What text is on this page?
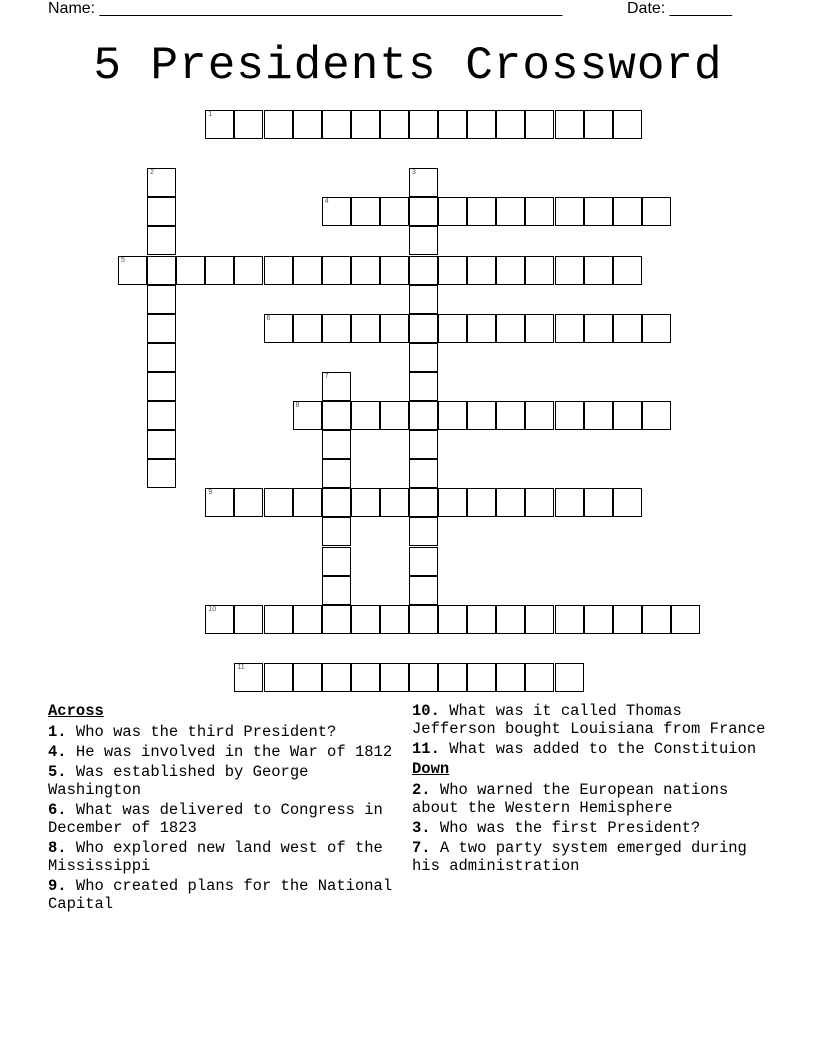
Name: ____________________________________________________	Date: _______
5 Presidents Crossword
1
2	3
4
5
6
7
8
9
10
11
Across
1. Who was the third President?
4. He was involved in the War of 1812
5. Was established by George Washington
6. What was delivered to Congress in December of 1823
8. Who explored new land west of the Mississippi
9. Who created plans for the National Capital
10. What was it called Thomas Jefferson bought Louisiana from France
11. What was added to the Constituion
Down
2. Who warned the European nations about the Western Hemisphere
3. Who was the first President?
7. A two party system emerged during his administration
